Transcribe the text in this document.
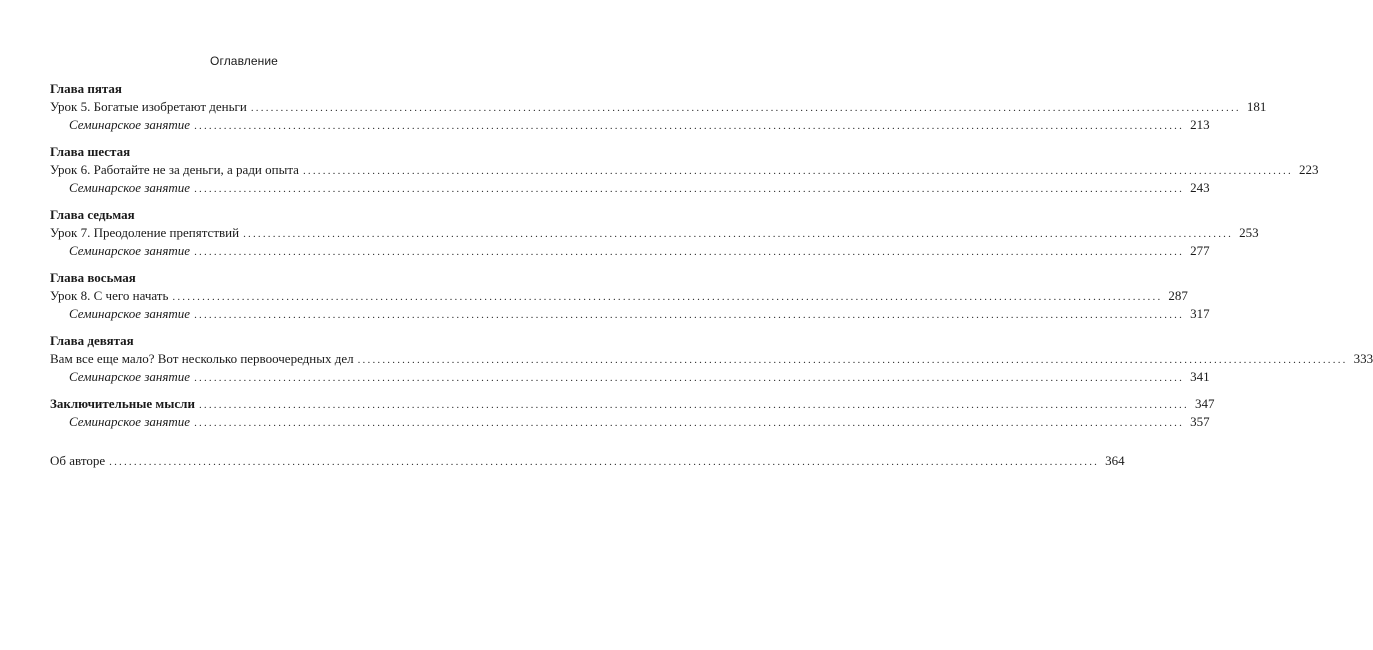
Оглавление
Глава пятая
Урок 5. Богатые изобретают деньги ........................................................................................................................................................................................................ 181
Семинарское занятие ........................................................................................................................................................................................................ 213
Глава шестая
Урок 6. Работайте не за деньги, а ради опыта ........................................................................................................................................................................................................ 223
Семинарское занятие ........................................................................................................................................................................................................ 243
Глава седьмая
Урок 7. Преодоление препятствий ........................................................................................................................................................................................................ 253
Семинарское занятие ........................................................................................................................................................................................................ 277
Глава восьмая
Урок 8. С чего начать ........................................................................................................................................................................................................ 287
Семинарское занятие ........................................................................................................................................................................................................ 317
Глава девятая
Вам все еще мало? Вот несколько первоочередных дел ........................................................................................................................................................................................................ 333
Семинарское занятие ........................................................................................................................................................................................................ 341
Заключительные мысли ........................................................................................................................................................................................................ 347
Семинарское занятие ........................................................................................................................................................................................................ 357
Об авторе ........................................................................................................................................................................................................ 364
